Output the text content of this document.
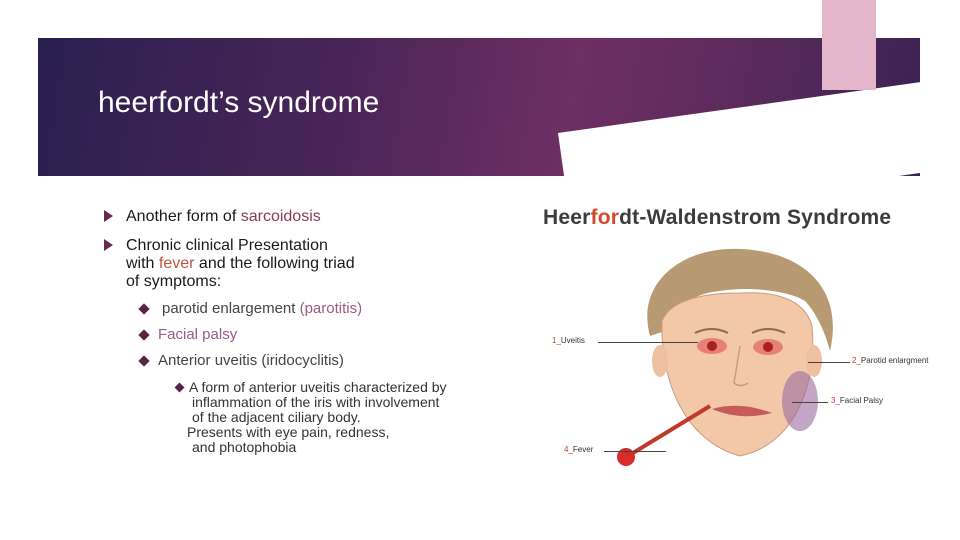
heerfordt’s syndrome
Another form of sarcoidosis
Chronic clinical Presentation
with fever and the following triad
of symptoms:
parotid enlargement (parotitis)
Facial palsy
Anterior uveitis (iridocyclitis)
A form of anterior uveitis characterized by
inflammation of the iris with involvement
of the adjacent ciliary body.
Presents with eye pain, redness,
and photophobia
Heerfordt-Waldenstrom Syndrome
1_Uveitis
2_Parotid enlargment
3_Facial Palsy
4_Fever
